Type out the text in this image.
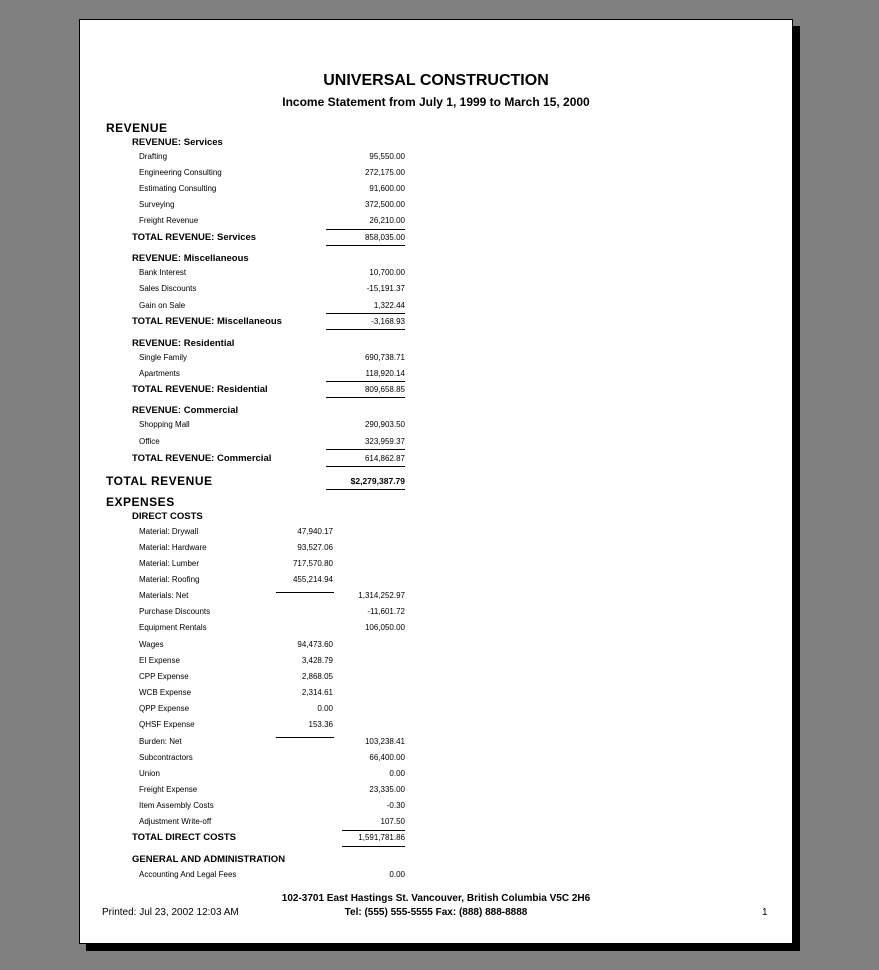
UNIVERSAL CONSTRUCTION
Income Statement from July 1, 1999 to March 15, 2000
REVENUE
REVENUE: Services
Drafting	95,550.00
Engineering Consulting	272,175.00
Estimating Consulting	91,600.00
Surveying	372,500.00
Freight Revenue	26,210.00
TOTAL REVENUE: Services	858,035.00
REVENUE: Miscellaneous
Bank Interest	10,700.00
Sales Discounts	-15,191.37
Gain on Sale	1,322.44
TOTAL REVENUE: Miscellaneous	-3,168.93
REVENUE: Residential
Single Family	690,738.71
Apartments	118,920.14
TOTAL REVENUE: Residential	809,658.85
REVENUE: Commercial
Shopping Mall	290,903.50
Office	323,959.37
TOTAL REVENUE: Commercial	614,862.87
TOTAL REVENUE	$2,279,387.79
EXPENSES
DIRECT COSTS
Material: Drywall	47,940.17
Material: Hardware	93,527.06
Material: Lumber	717,570.80
Material: Roofing	455,214.94
Materials: Net	1,314,252.97
Purchase Discounts	-11,601.72
Equipment Rentals	106,050.00
Wages	94,473.60
EI Expense	3,428.79
CPP Expense	2,868.05
WCB Expense	2,314.61
QPP Expense	0.00
QHSF Expense	153.36
Burden: Net	103,238.41
Subcontractors	66,400.00
Union	0.00
Freight Expense	23,335.00
Item Assembly Costs	-0.30
Adjustment Write-off	107.50
TOTAL DIRECT COSTS	1,591,781.86
GENERAL AND ADMINISTRATION
Accounting And Legal Fees	0.00
102-3701 East Hastings St. Vancouver, British Columbia V5C 2H6
Tel: (555) 555-5555 Fax: (888) 888-8888
Printed: Jul 23, 2002 12:03 AM	1
